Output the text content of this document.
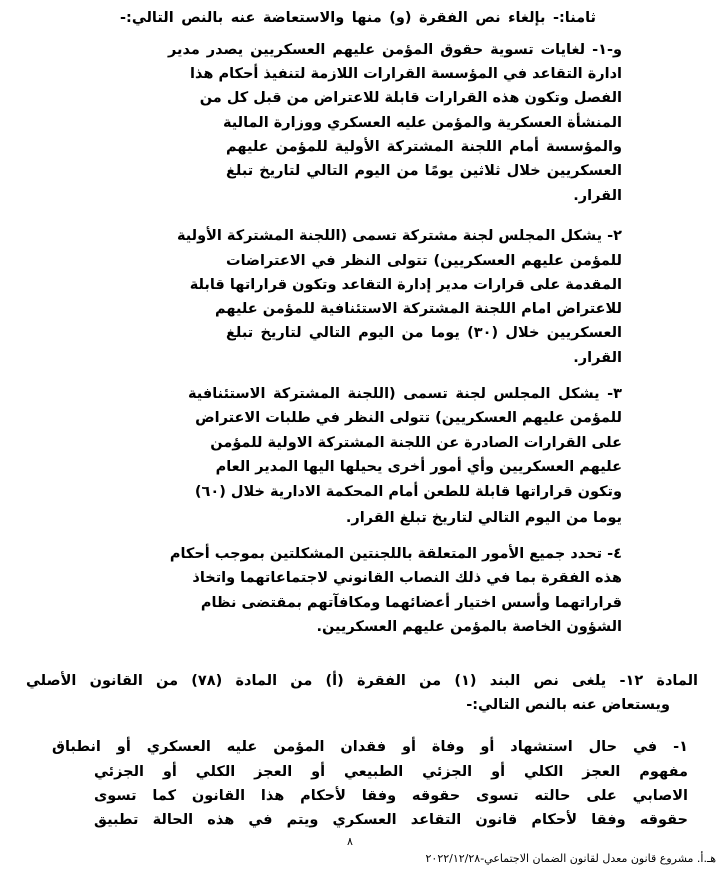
ثامنا:- بإلغاء نص الفقرة (و) منها والاستعاضة عنه بالنص التالي:-
و-١- لغايات تسوية حقوق المؤمن عليهم العسكريين يصدر مدير
ادارة التقاعد في المؤسسة القرارات اللازمة لتنفيذ أحكام هذا
الفصل وتكون هذه القرارات قابلة للاعتراض من قبل كل من
المنشأة العسكرية والمؤمن عليه العسكري ووزارة المالية
والمؤسسة أمام اللجنة المشتركة الأولية للمؤمن عليهم
العسكريين خلال ثلاثين يومًا من اليوم التالي لتاريخ تبلغ
القرار.
٢- يشكل المجلس لجنة مشتركة تسمى (اللجنة المشتركة الأولية
للمؤمن عليهم العسكريين) تتولى النظر في الاعتراضات
المقدمة على قرارات مدير إدارة التقاعد وتكون قراراتها قابلة
للاعتراض امام اللجنة المشتركة الاستئنافية للمؤمن عليهم
العسكريين خلال (٣٠) يوما من اليوم التالي لتاريخ تبلغ
القرار.
٣- يشكل المجلس لجنة تسمى (اللجنة المشتركة الاستئنافية
للمؤمن عليهم العسكريين) تتولى النظر في طلبات الاعتراض
على القرارات الصادرة عن اللجنة المشتركة الاولية للمؤمن
عليهم العسكريين وأي أمور أخرى يحيلها اليها المدير العام
وتكون قراراتها قابلة للطعن أمام المحكمة الادارية خلال (٦٠)
يوما من اليوم التالي لتاريخ تبلغ القرار.
٤- تحدد جميع الأمور المتعلقة باللجنتين المشكلتين بموجب أحكام
هذه الفقرة بما في ذلك النصاب القانوني لاجتماعاتهما واتخاذ
قراراتهما وأسس اختيار أعضائهما ومكافآتهم بمقتضى نظام
الشؤون الخاصة بالمؤمن عليهم العسكريين.
المادة ١٢- يلغى نص البند (١) من الفقرة (أ) من المادة (٧٨) من القانون الأصلي
ويستعاض عنه بالنص التالي:-
١- في حال استشهاد أو وفاة أو فقدان المؤمن عليه العسكري أو انطباق
مفهوم العجز الكلي أو الجزئي الطبيعي أو العجز الكلي أو الجزئي
الاصابي على حالته تسوى حقوقه وفقا لأحكام هذا القانون كما تسوى
حقوقه وفقا لأحكام قانون التقاعد العسكري ويتم في هذه الحالة تطبيق
٨
هـ.أ. مشروع قانون معدل لقانون الضمان الاجتماعي-٢٠٢٢/١٢/٢٨
